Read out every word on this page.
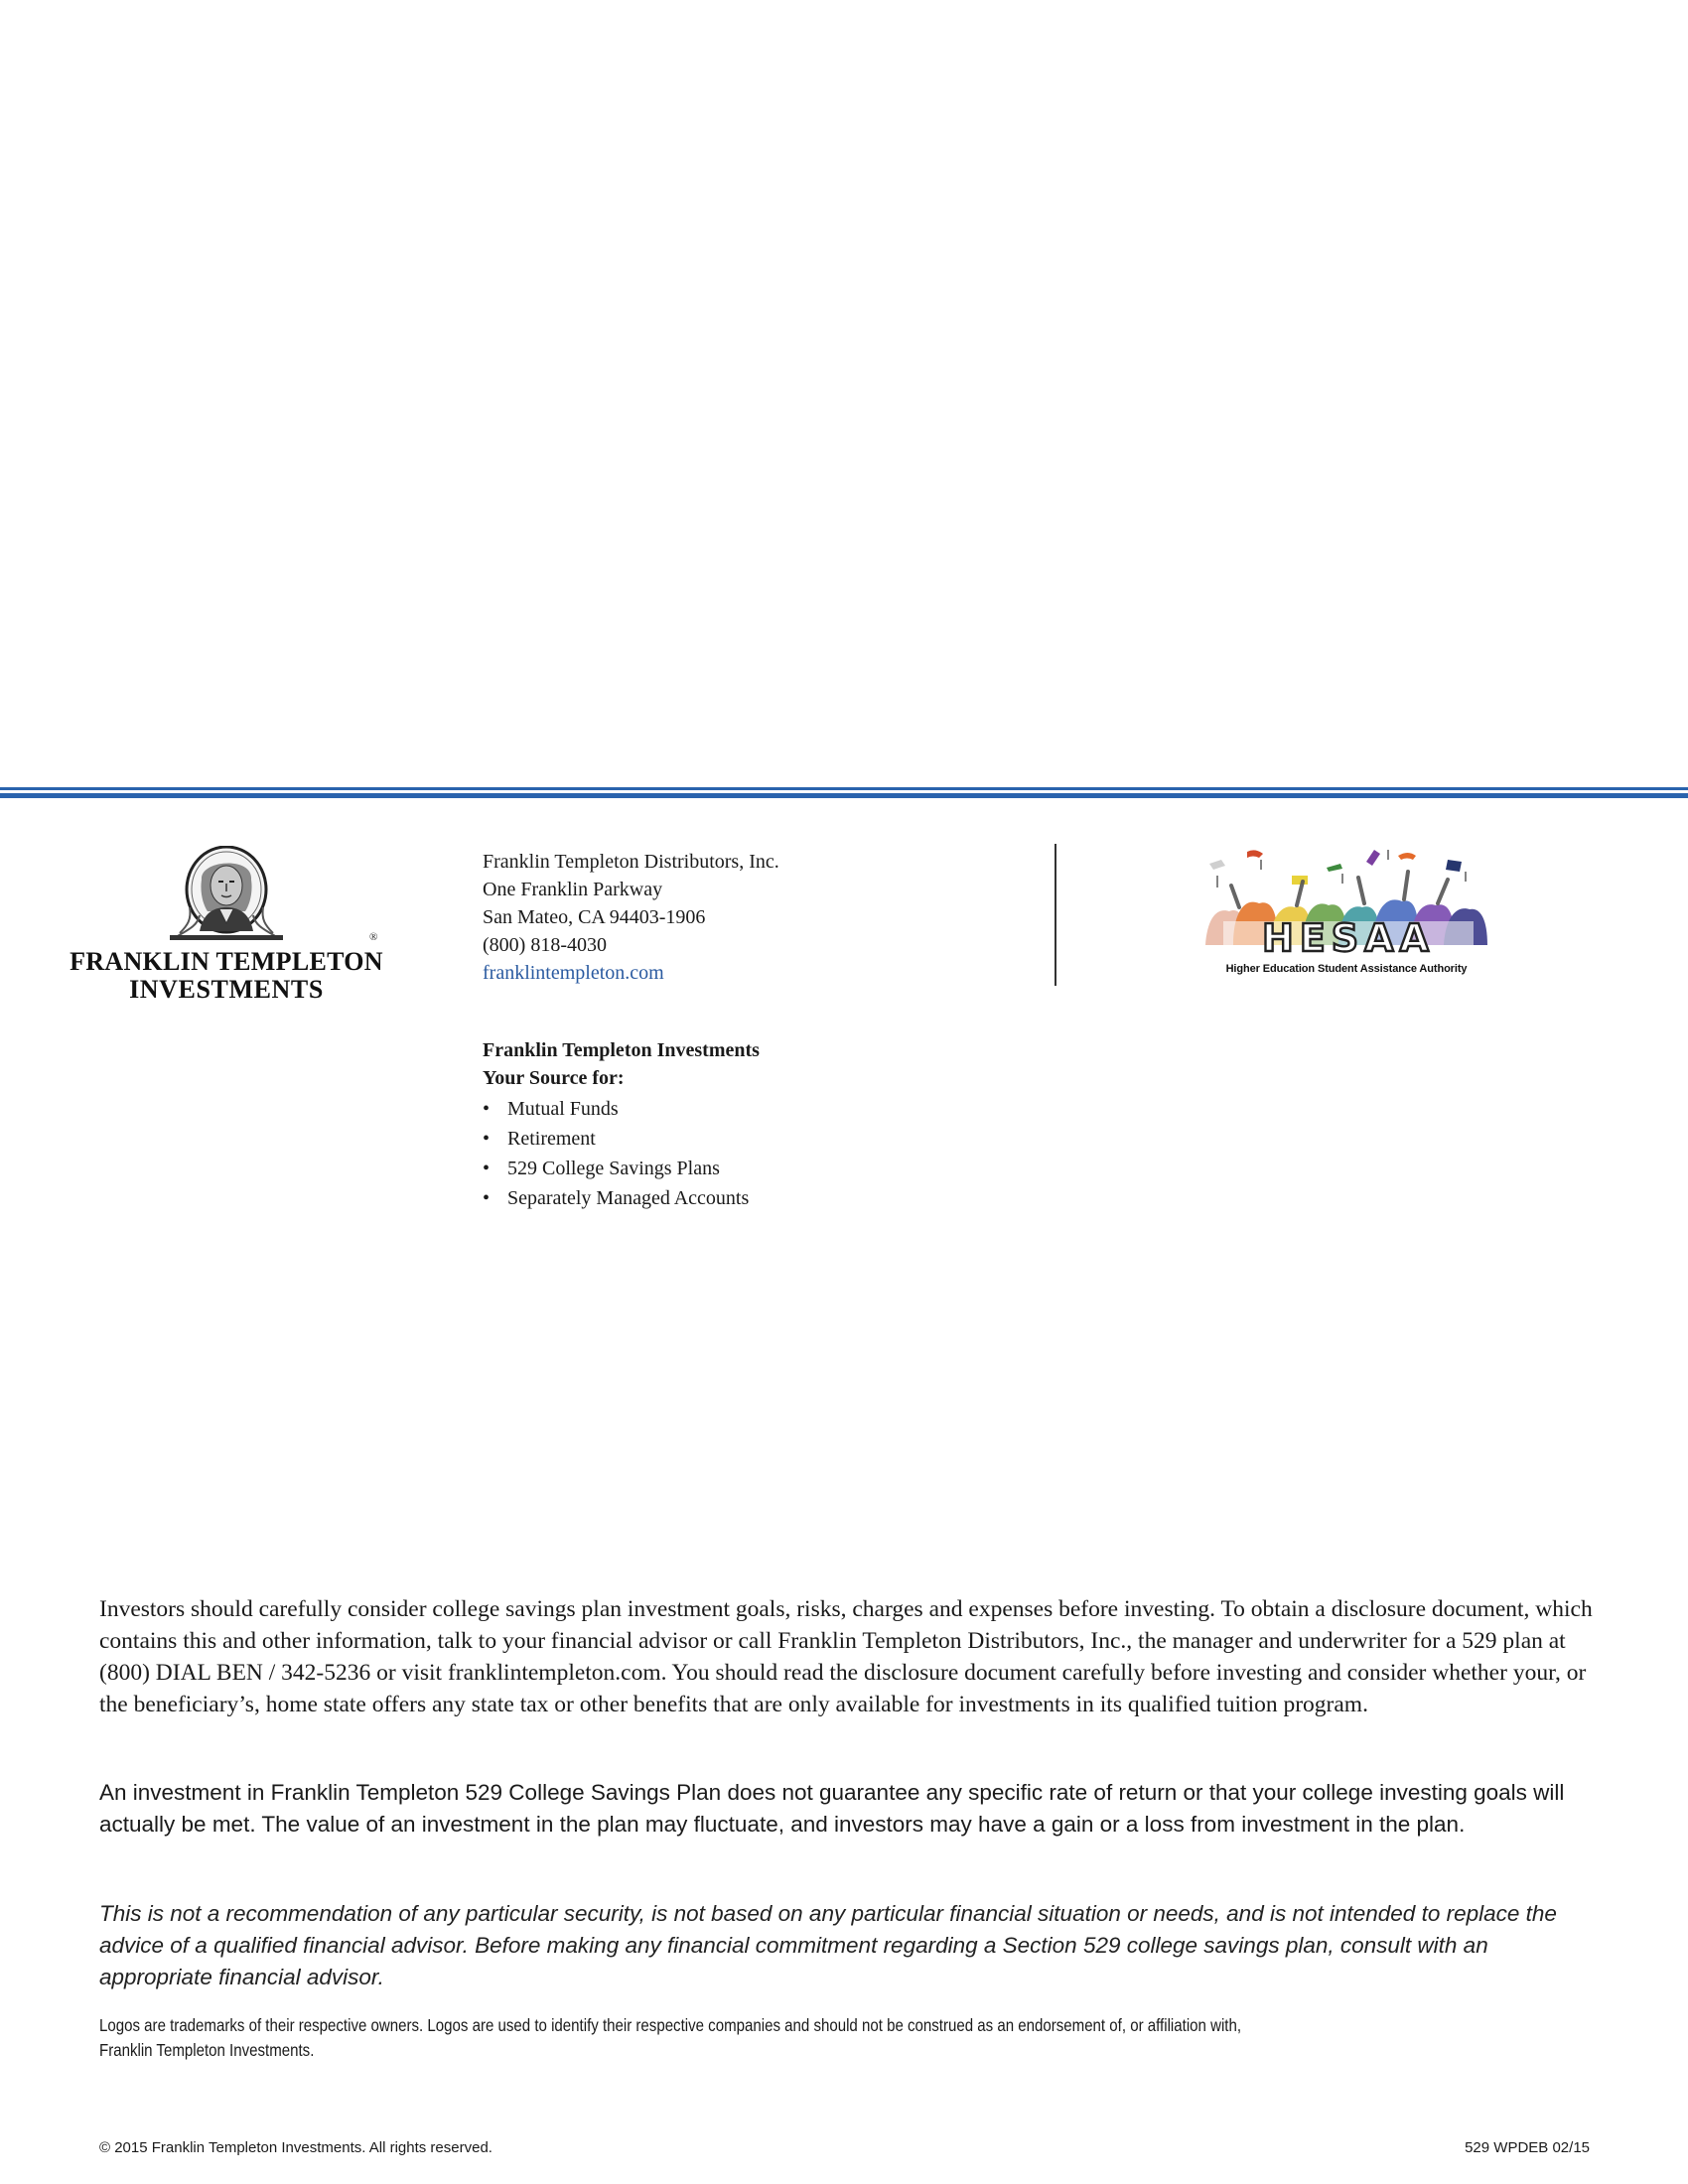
®
FRANKLIN TEMPLETON
INVESTMENTS
Franklin Templeton Distributors, Inc.
One Franklin Parkway
San Mateo, CA 94403-1906
(800) 818-4030
franklintempleton.com
HESAA
Higher Education Student Assistance Authority
Franklin Templeton Investments
Your Source for:
• Mutual Funds
• Retirement
• 529 College Savings Plans
• Separately Managed Accounts

Investors should carefully consider college savings plan investment goals, risks, charges and expenses before investing. To obtain a disclosure document, which contains this and other information, talk to your financial advisor or call Franklin Templeton Distributors, Inc., the manager and underwriter for a 529 plan at (800) DIAL BEN / 342-5236 or visit franklintempleton.com. You should read the disclosure document carefully before investing and consider whether your, or the beneficiary’s, home state offers any state tax or other benefits that are only available for investments in its qualified tuition program.

An investment in Franklin Templeton 529 College Savings Plan does not guarantee any specific rate of return or that your college investing goals will actually be met. The value of an investment in the plan may fluctuate, and investors may have a gain or a loss from investment in the plan.

This is not a recommendation of any particular security, is not based on any particular financial situation or needs, and is not intended to replace the advice of a qualified financial advisor. Before making any financial commitment regarding a Section 529 college savings plan, consult with an appropriate financial advisor.

Logos are trademarks of their respective owners. Logos are used to identify their respective companies and should not be construed as an endorsement of, or affiliation with,
Franklin Templeton Investments.

© 2015 Franklin Templeton Investments. All rights reserved.	529 WPDEB 02/15
